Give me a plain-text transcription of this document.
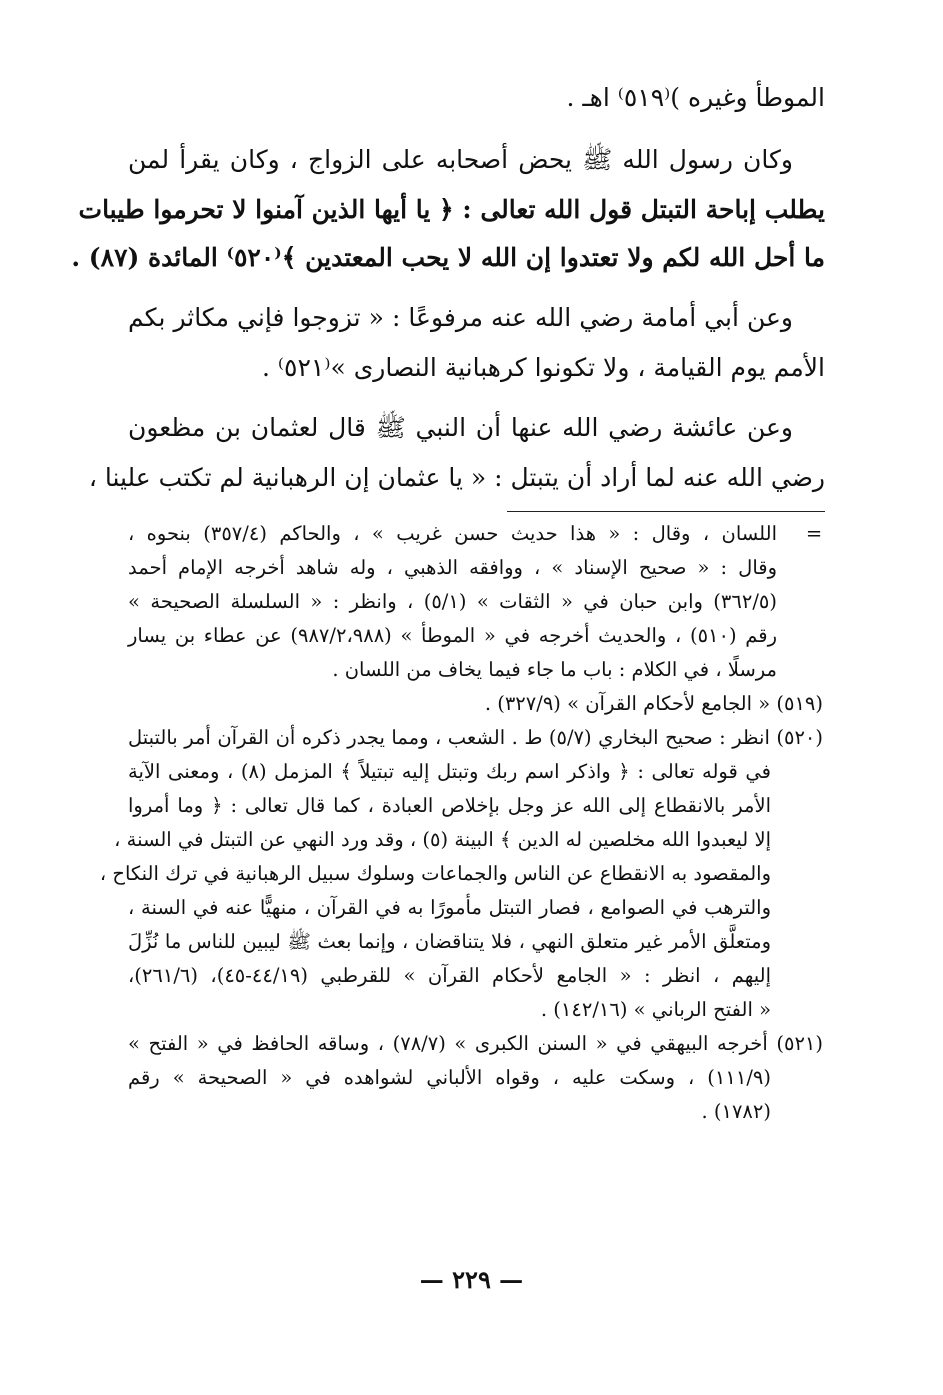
الموطأ وغيره )⁽٥١٩⁾ اهـ .
وكان رسول الله ﷺ يحض أصحابه على الزواج ، وكان يقرأ لمن
يطلب إباحة التبتل قول الله تعالى : ﴿ يا أيها الذين آمنوا لا تحرموا طيبات
ما أحل الله لكم ولا تعتدوا إن الله لا يحب المعتدين ﴾⁽٥٢٠⁾ المائدة (٨٧) .
وعن أبي أمامة رضي الله عنه مرفوعًا : « تزوجوا فإني مكاثر بكم
الأمم يوم القيامة ، ولا تكونوا كرهبانية النصارى »⁽٥٢١⁾ .
وعن عائشة رضي الله عنها أن النبي ﷺ قال لعثمان بن مظعون
رضي الله عنه لما أراد أن يتبتل : « يا عثمان إن الرهبانية لم تكتب علينا ،
=
اللسان ، وقال : « هذا حديث حسن غريب » ، والحاكم (٣٥٧/٤) بنحوه ،
وقال : « صحيح الإسناد » ، ووافقه الذهبي ، وله شاهد أخرجه الإمام أحمد
(٣٦٢/٥) وابن حبان في « الثقات » (٥/١) ، وانظر : « السلسلة الصحيحة »
رقم (٥١٠) ، والحديث أخرجه في « الموطأ » (٩٨٧/٢،٩٨٨) عن عطاء بن يسار
مرسلًا ، في الكلام : باب ما جاء فيما يخاف من اللسان .
(٥١٩) « الجامع لأحكام القرآن » (٣٢٧/٩) .
(٥٢٠) انظر : صحيح البخاري (٥/٧) ط . الشعب ، ومما يجدر ذكره أن القرآن أمر بالتبتل
في قوله تعالى : ﴿ واذكر اسم ربك وتبتل إليه تبتيلاً ﴾ المزمل (٨) ، ومعنى الآية
الأمر بالانقطاع إلى الله عز وجل بإخلاص العبادة ، كما قال تعالى : ﴿ وما أمروا
إلا ليعبدوا الله مخلصين له الدين ﴾ البينة (٥) ، وقد ورد النهي عن التبتل في السنة ،
والمقصود به الانقطاع عن الناس والجماعات وسلوك سبيل الرهبانية في ترك النكاح ،
والترهب في الصوامع ، فصار التبتل مأمورًا به في القرآن ، منهيًّا عنه في السنة ،
ومتعلَّق الأمر غير متعلق النهي ، فلا يتناقضان ، وإنما بعث ﷺ ليبين للناس ما نُزِّلَ
إليهم ، انظر : « الجامع لأحكام القرآن » للقرطبي (٤٤/١٩-٤٥)، (٢٦١/٦)،
« الفتح الرباني » (١٤٢/١٦) .
(٥٢١) أخرجه البيهقي في « السنن الكبرى » (٧٨/٧) ، وساقه الحافظ في « الفتح »
(١١١/٩) ، وسكت عليه ، وقواه الألباني لشواهده في « الصحيحة » رقم
(١٧٨٢) .
— ٢٢٩ —
